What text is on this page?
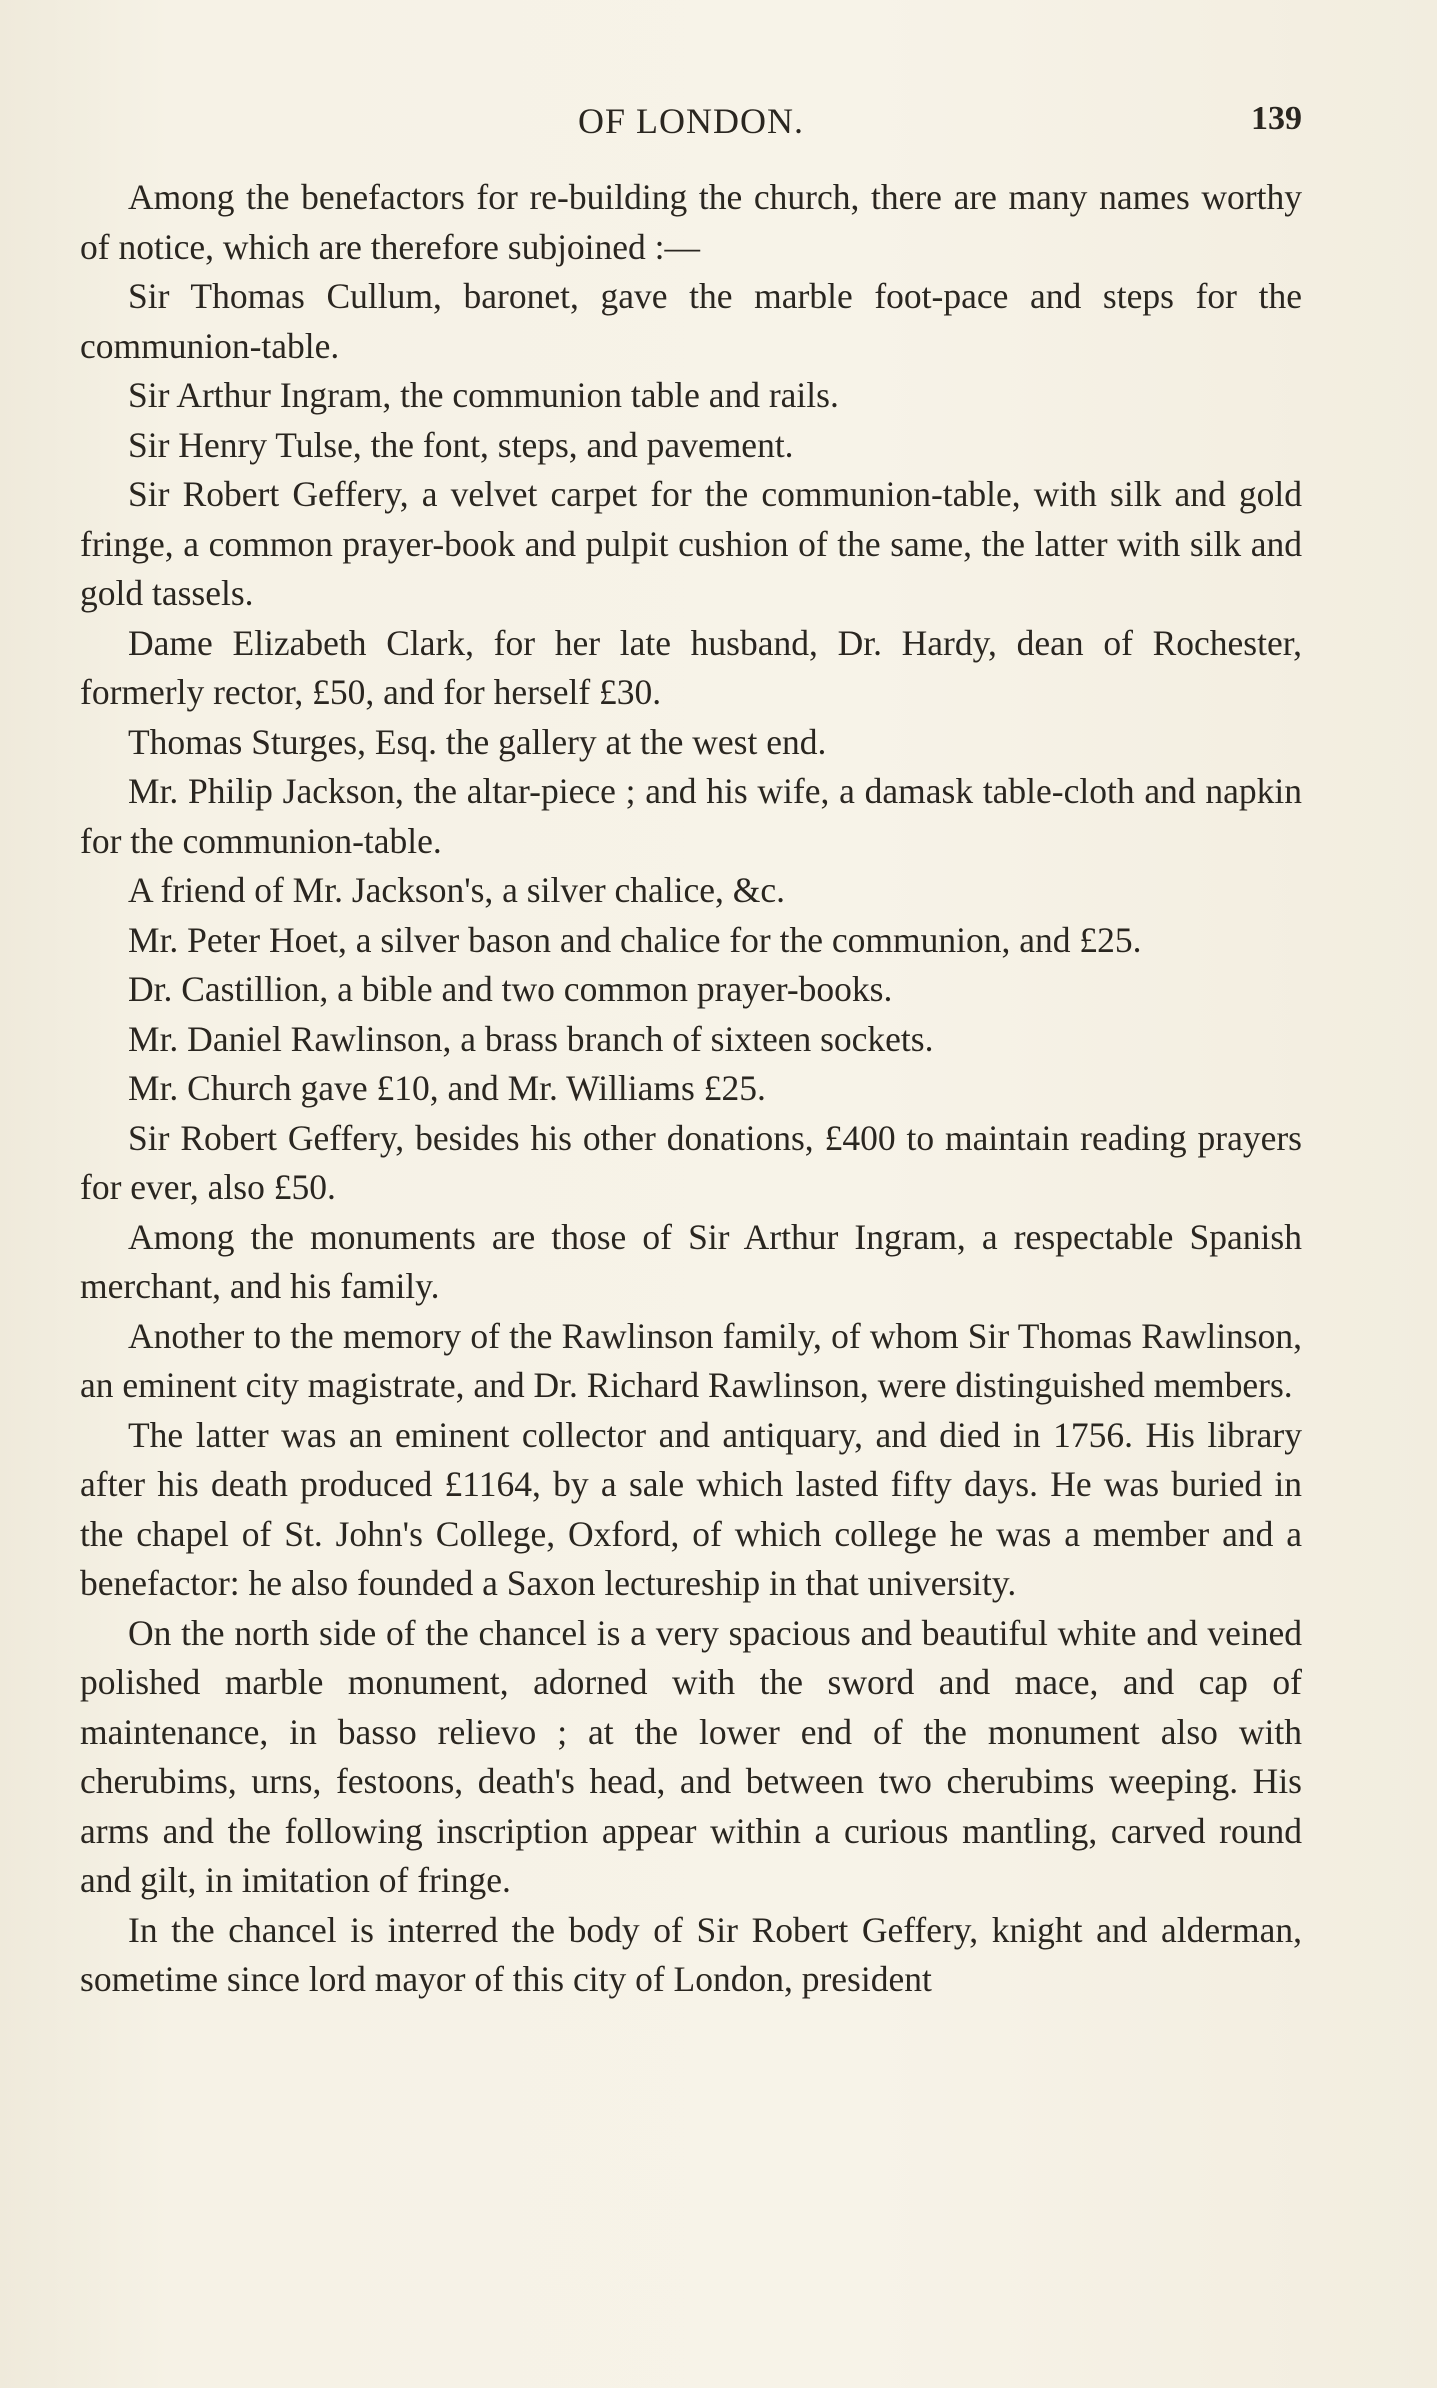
OF LONDON.	139

Among the benefactors for re-building the church, there are many names worthy of notice, which are therefore subjoined :—

Sir Thomas Cullum, baronet, gave the marble foot-pace and steps for the communion-table.

Sir Arthur Ingram, the communion table and rails.

Sir Henry Tulse, the font, steps, and pavement.

Sir Robert Geffery, a velvet carpet for the communion-table, with silk and gold fringe, a common prayer-book and pulpit cushion of the same, the latter with silk and gold tassels.

Dame Elizabeth Clark, for her late husband, Dr. Hardy, dean of Rochester, formerly rector, £50, and for herself £30.

Thomas Sturges, Esq. the gallery at the west end.

Mr. Philip Jackson, the altar-piece ; and his wife, a damask table-cloth and napkin for the communion-table.

A friend of Mr. Jackson's, a silver chalice, &c.

Mr. Peter Hoet, a silver bason and chalice for the communion, and £25.

Dr. Castillion, a bible and two common prayer-books.

Mr. Daniel Rawlinson, a brass branch of sixteen sockets.

Mr. Church gave £10, and Mr. Williams £25.

Sir Robert Geffery, besides his other donations, £400 to maintain reading prayers for ever, also £50.

Among the monuments are those of Sir Arthur Ingram, a respectable Spanish merchant, and his family.

Another to the memory of the Rawlinson family, of whom Sir Thomas Rawlinson, an eminent city magistrate, and Dr. Richard Rawlinson, were distinguished members.

The latter was an eminent collector and antiquary, and died in 1756. His library after his death produced £1164, by a sale which lasted fifty days. He was buried in the chapel of St. John's College, Oxford, of which college he was a member and a benefactor: he also founded a Saxon lectureship in that university.

On the north side of the chancel is a very spacious and beautiful white and veined polished marble monument, adorned with the sword and mace, and cap of maintenance, in basso relievo ; at the lower end of the monument also with cherubims, urns, festoons, death's head, and between two cherubims weeping. His arms and the following inscription appear within a curious mantling, carved round and gilt, in imitation of fringe.

In the chancel is interred the body of Sir Robert Geffery, knight and alderman, sometime since lord mayor of this city of London, president
